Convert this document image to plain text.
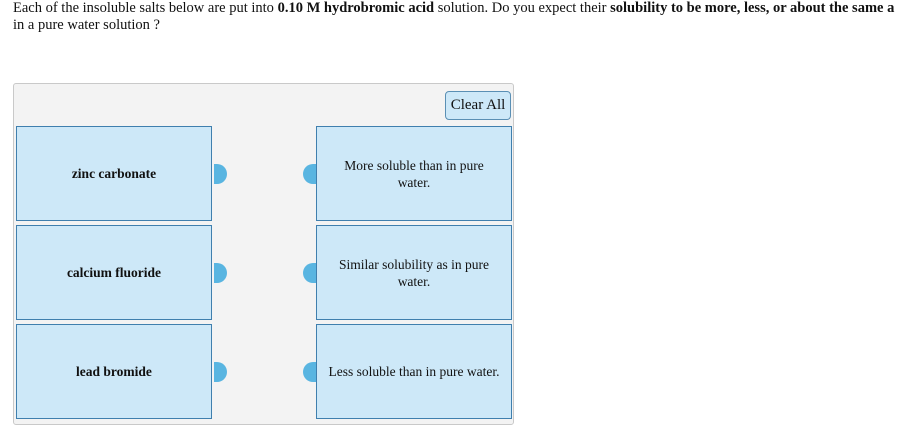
Each of the insoluble salts below are put into 0.10 M hydrobromic acid solution. Do you expect their solubility to be more, less, or about the same a
in a pure water solution ?
Clear All
zinc carbonate
calcium fluoride
lead bromide
More soluble than in pure water.
Similar solubility as in pure water.
Less soluble than in pure water.
